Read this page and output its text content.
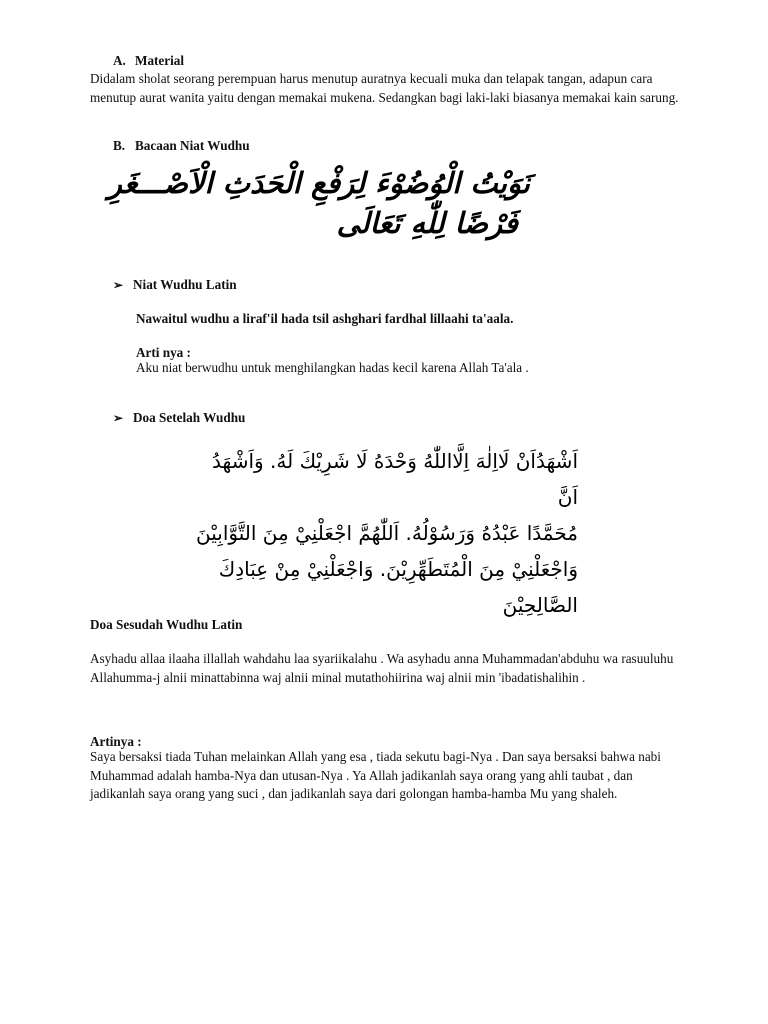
A. Material

Didalam sholat seorang perempuan harus menutup auratnya kecuali muka dan telapak tangan, adapun cara menutup aurat wanita yaitu dengan memakai mukena. Sedangkan bagi laki-laki biasanya memakai kain sarung.

B. Bacaan Niat Wudhu
نَوَيْتُ الْوُضُوْءَ لِرَفْعِ الْحَدَثِ الْاَصْـــغَرِ
فَرْضًا لِلّٰهِ تَعَالَى
➢ Niat Wudhu Latin

Nawaitul wudhu a liraf'il hada tsil ashghari fardhal lillaahi ta'aala.

Arti nya :

Aku niat berwudhu untuk menghilangkan hadas kecil karena Allah Ta'ala .

➢ Doa Setelah Wudhu
اَشْهَدُاَنْ لَااِلٰهَ اِلَّااللّٰهُ وَحْدَهُ لَا شَرِيْكَ لَهُ. وَاَشْهَدُ اَنَّ
مُحَمَّدًا عَبْدُهُ وَرَسُوْلُهُ. اَللّٰهُمَّ اجْعَلْنِيْ مِنَ التَّوَّابِيْنَ
وَاجْعَلْنِيْ مِنَ الْمُتَطَهِّرِيْنَ. وَاجْعَلْنِيْ مِنْ عِبَادِكَ
الصَّالِحِيْنَ

Doa Sesudah Wudhu Latin

Asyhadu allaa ilaaha illallah wahdahu laa syariikalahu . Wa asyhadu anna Muhammadan'abduhu wa rasuuluhu Allahumma-j alnii minattabinna waj alnii minal mutathohiirina waj alnii min 'ibadatishalihin .

Artinya :

Saya bersaksi tiada Tuhan melainkan Allah yang esa , tiada sekutu bagi-Nya . Dan saya bersaksi bahwa nabi Muhammad adalah hamba-Nya dan utusan-Nya . Ya Allah jadikanlah saya orang yang ahli taubat , dan jadikanlah saya orang yang suci , dan jadikanlah saya dari golongan hamba-hamba Mu yang shaleh.
